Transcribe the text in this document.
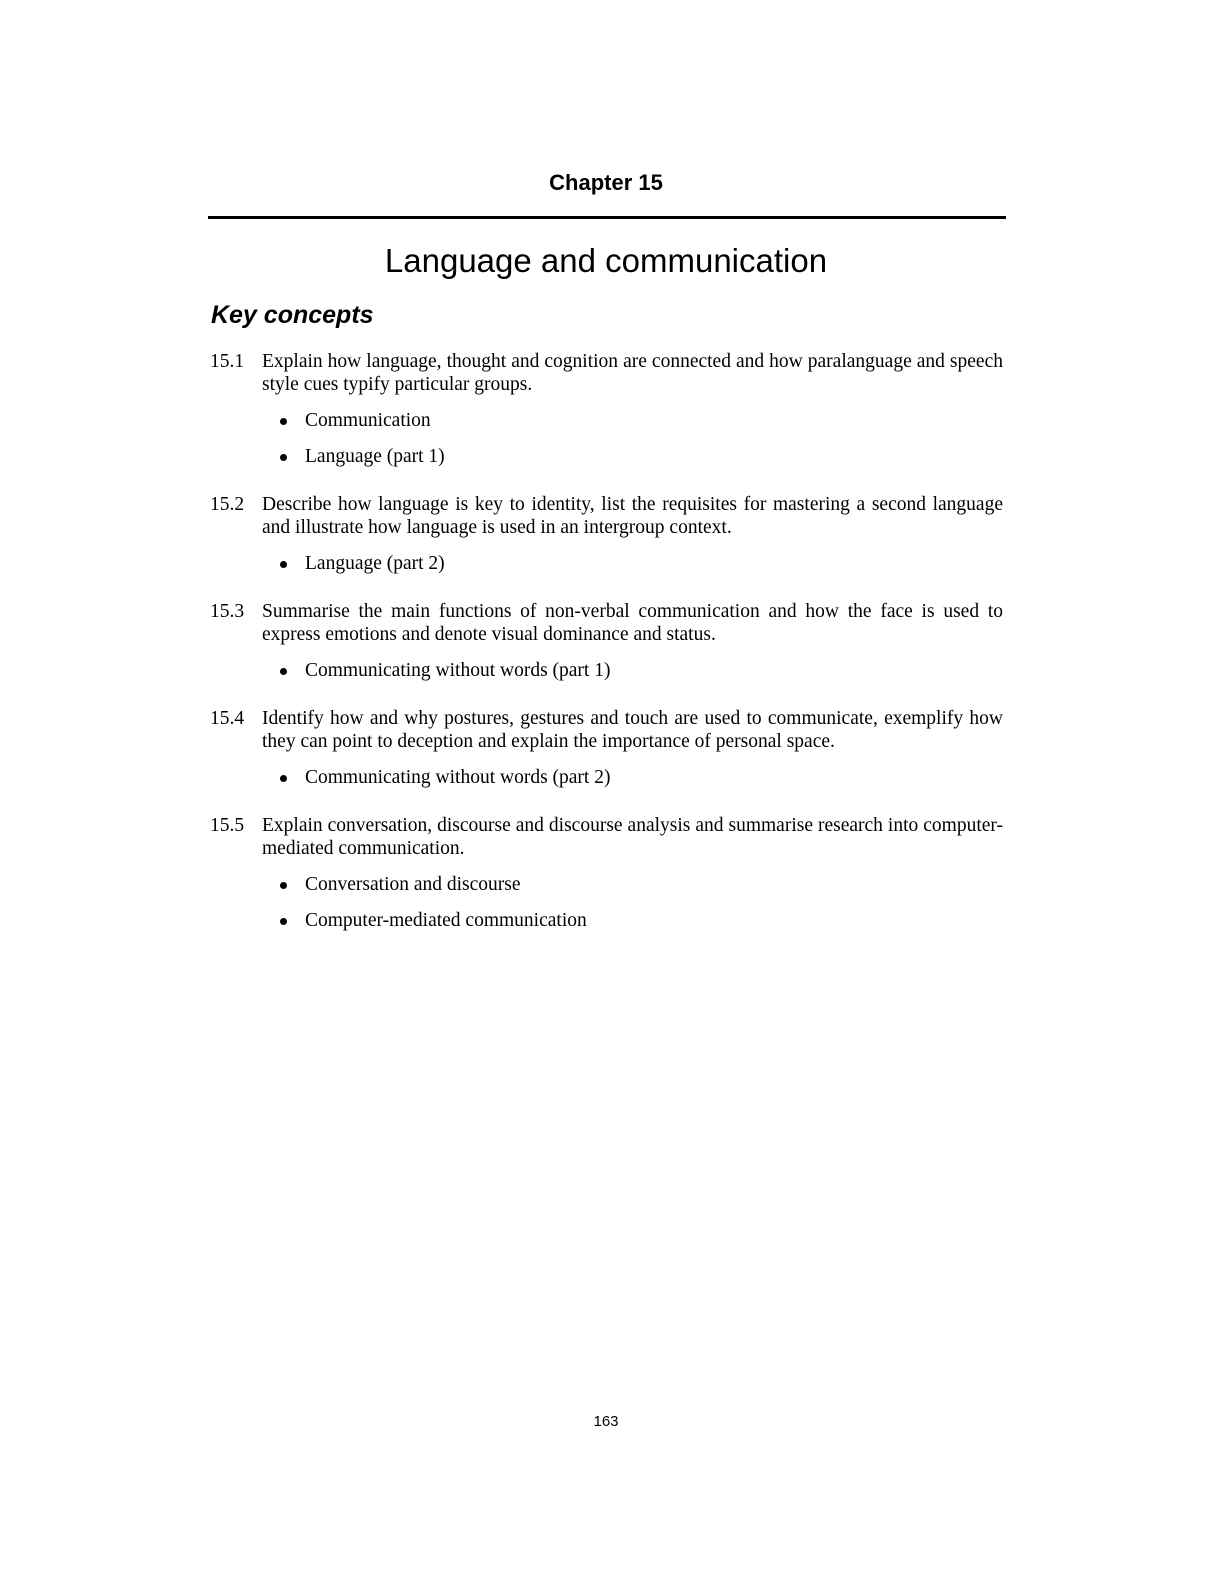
Chapter 15
Language and communication
Key concepts
15.1 Explain how language, thought and cognition are connected and how paralanguage and speech style cues typify particular groups.

Communication
Language (part 1)
15.2 Describe how language is key to identity, list the requisites for mastering a second language and illustrate how language is used in an intergroup context.

Language (part 2)
15.3 Summarise the main functions of non-verbal communication and how the face is used to express emotions and denote visual dominance and status.

Communicating without words (part 1)
15.4 Identify how and why postures, gestures and touch are used to communicate, exemplify how they can point to deception and explain the importance of personal space.

Communicating without words (part 2)
15.5 Explain conversation, discourse and discourse analysis and summarise research into computer-mediated communication.

Conversation and discourse
Computer-mediated communication
163
